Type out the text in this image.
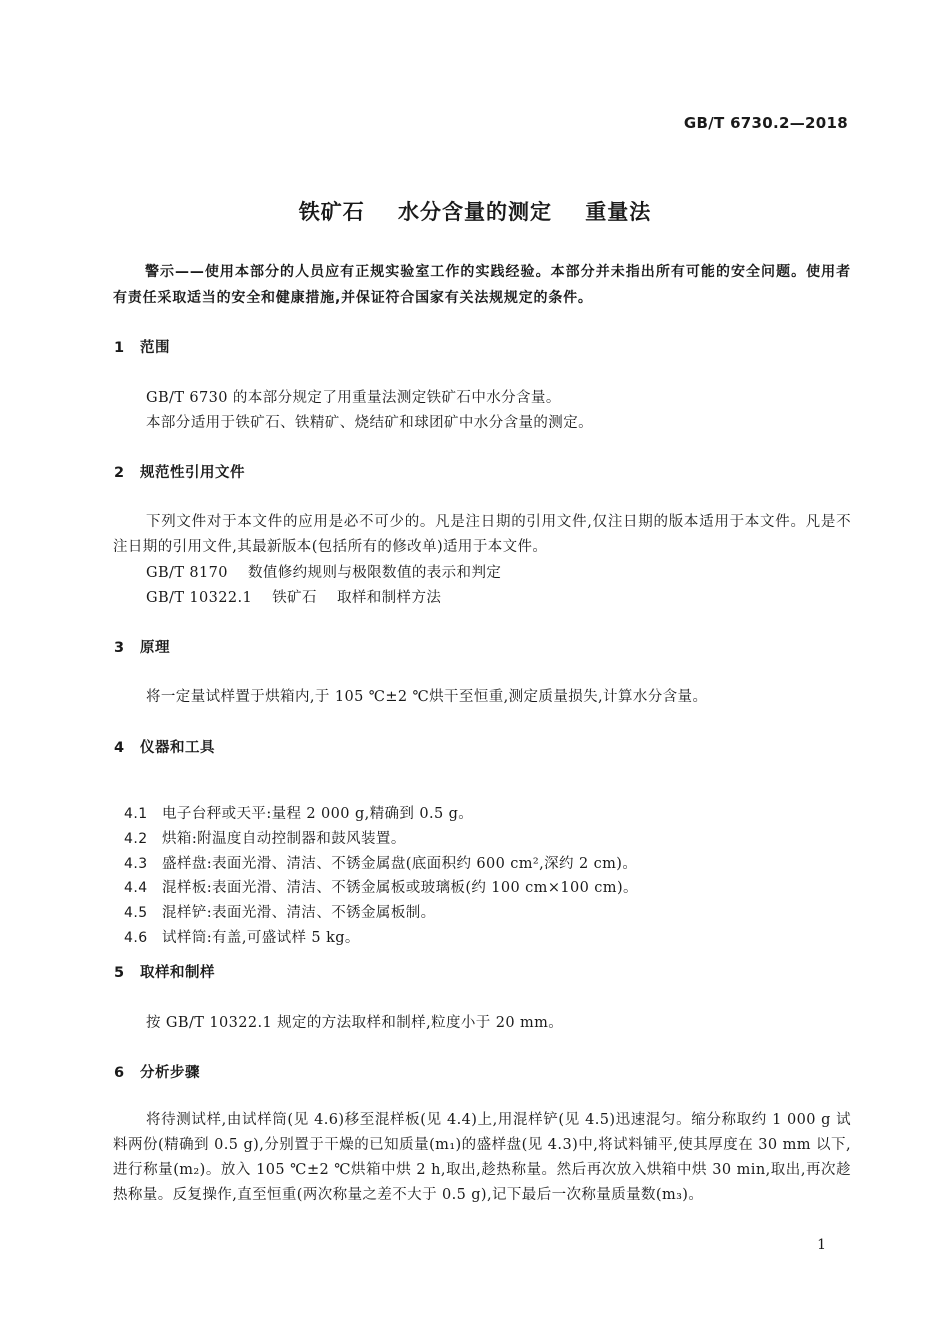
GB/T 6730.2—2018
铁矿石    水分含量的测定    重量法
警示——使用本部分的人员应有正规实验室工作的实践经验。本部分并未指出所有可能的安全问题。使用者有责任采取适当的安全和健康措施,并保证符合国家有关法规规定的条件。
1 范围
GB/T 6730 的本部分规定了用重量法测定铁矿石中水分含量。
本部分适用于铁矿石、铁精矿、烧结矿和球团矿中水分含量的测定。
2 规范性引用文件
下列文件对于本文件的应用是必不可少的。凡是注日期的引用文件,仅注日期的版本适用于本文件。凡是不注日期的引用文件,其最新版本(包括所有的修改单)适用于本文件。
GB/T 8170    数值修约规则与极限数值的表示和判定
GB/T 10322.1    铁矿石    取样和制样方法
3 原理
将一定量试样置于烘箱内,于 105 ℃±2 ℃烘干至恒重,测定质量损失,计算水分含量。
4 仪器和工具

4.1 电子台秤或天平:量程 2 000 g,精确到 0.5 g。

4.2 烘箱:附温度自动控制器和鼓风装置。

4.3 盛样盘:表面光滑、清洁、不锈金属盘(底面积约 600 cm²,深约 2 cm)。

4.4 混样板:表面光滑、清洁、不锈金属板或玻璃板(约 100 cm×100 cm)。

4.5 混样铲:表面光滑、清洁、不锈金属板制。

4.6 试样筒:有盖,可盛试样 5 kg。

5 取样和制样
按 GB/T 10322.1 规定的方法取样和制样,粒度小于 20 mm。
6 分析步骤
将待测试样,由试样筒(见 4.6)移至混样板(见 4.4)上,用混样铲(见 4.5)迅速混匀。缩分称取约 1 000 g 试料两份(精确到 0.5 g),分别置于干燥的已知质量(m₁)的盛样盘(见 4.3)中,将试料铺平,使其厚度在 30 mm 以下,进行称量(m₂)。放入 105 ℃±2 ℃烘箱中烘 2 h,取出,趁热称量。然后再次放入烘箱中烘 30 min,取出,再次趁热称量。反复操作,直至恒重(两次称量之差不大于 0.5 g),记下最后一次称量质量数(m₃)。
1
